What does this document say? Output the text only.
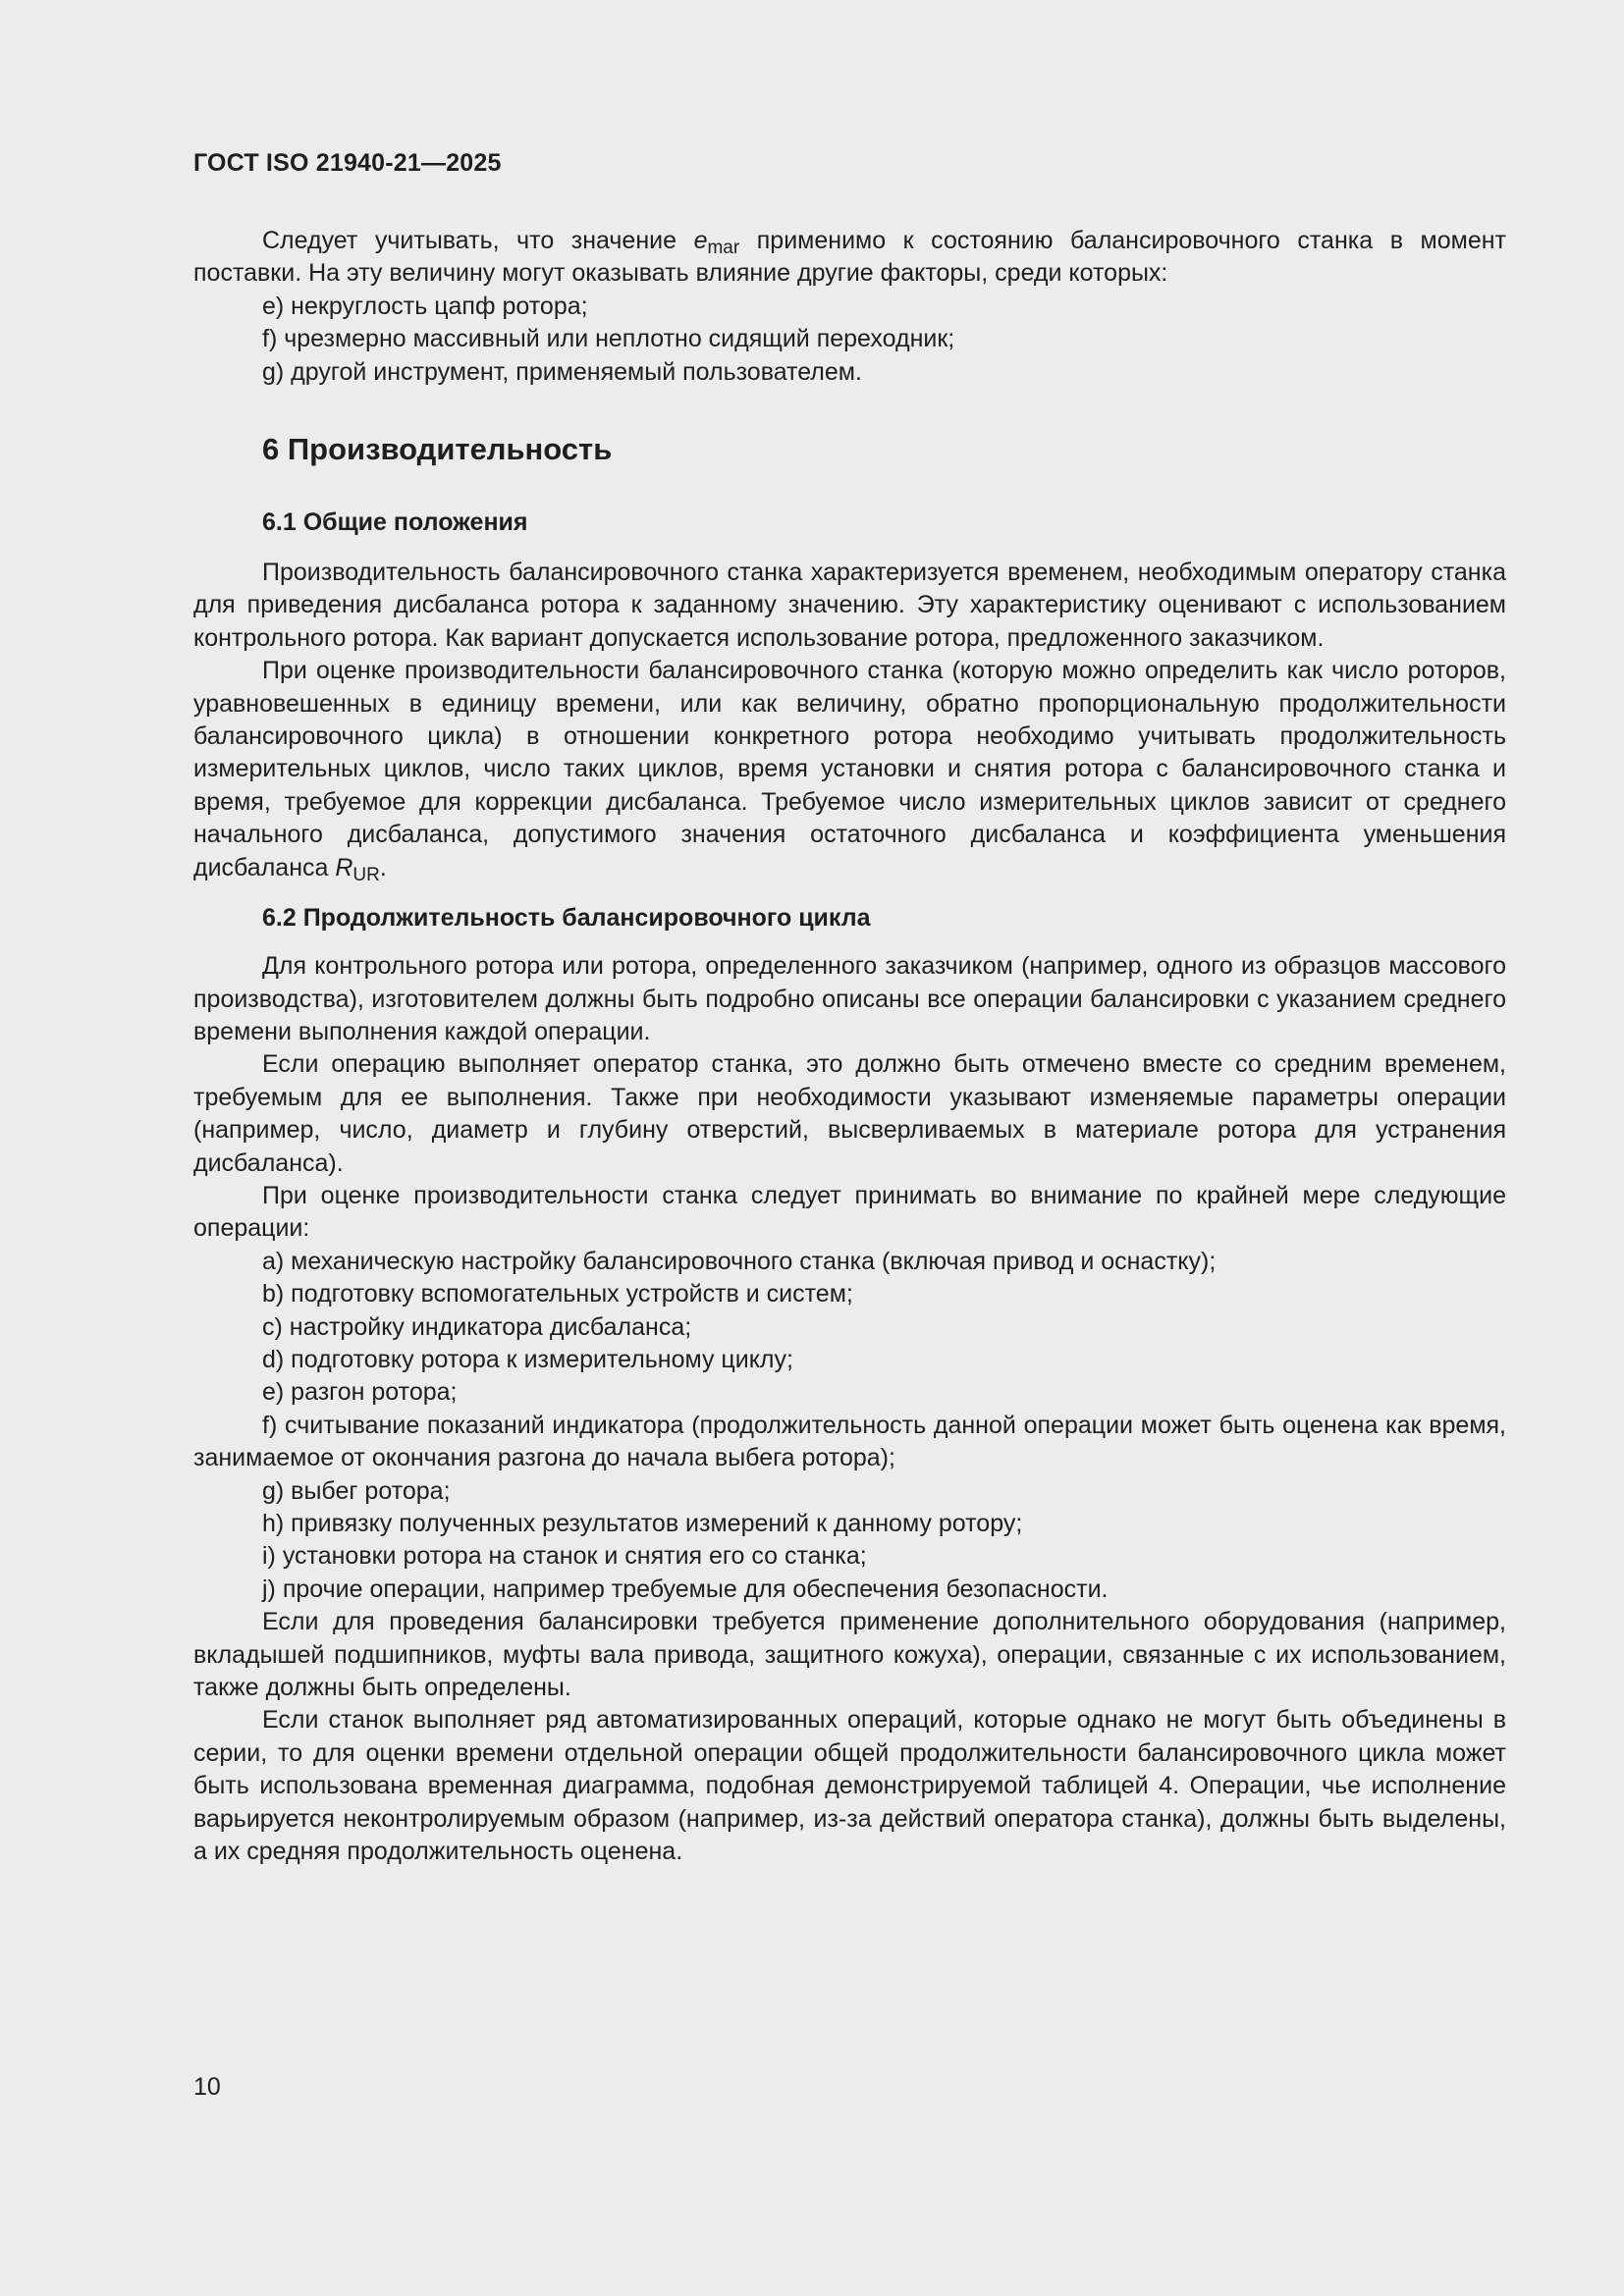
ГОСТ ISO 21940-21—2025

Следует учитывать, что значение $e_{mar}$ применимо к состоянию балансировочного станка в момент поставки. На эту величину могут оказывать влияние другие факторы, среди которых:

e) некруглость цапф ротора;

f) чрезмерно массивный или неплотно сидящий переходник;

g) другой инструмент, применяемый пользователем.

6 Производительность
6.1 Общие положения

Производительность балансировочного станка характеризуется временем, необходимым оператору станка для приведения дисбаланса ротора к заданному значению. Эту характеристику оценивают с использованием контрольного ротора. Как вариант допускается использование ротора, предложенного заказчиком.

При оценке производительности балансировочного станка (которую можно определить как число роторов, уравновешенных в единицу времени, или как величину, обратно пропорциональную продолжительности балансировочного цикла) в отношении конкретного ротора необходимо учитывать продолжительность измерительных циклов, число таких циклов, время установки и снятия ротора с балансировочного станка и время, требуемое для коррекции дисбаланса. Требуемое число измерительных циклов зависит от среднего начального дисбаланса, допустимого значения остаточного дисбаланса и коэффициента уменьшения дисбаланса $R_{UR}$.

6.2 Продолжительность балансировочного цикла

Для контрольного ротора или ротора, определенного заказчиком (например, одного из образцов массового производства), изготовителем должны быть подробно описаны все операции балансировки с указанием среднего времени выполнения каждой операции.

Если операцию выполняет оператор станка, это должно быть отмечено вместе со средним временем, требуемым для ее выполнения. Также при необходимости указывают изменяемые параметры операции (например, число, диаметр и глубину отверстий, высверливаемых в материале ротора для устранения дисбаланса).

При оценке производительности станка следует принимать во внимание по крайней мере следующие операции:

a) механическую настройку балансировочного станка (включая привод и оснастку);

b) подготовку вспомогательных устройств и систем;

c) настройку индикатора дисбаланса;

d) подготовку ротора к измерительному циклу;

e) разгон ротора;

f) считывание показаний индикатора (продолжительность данной операции может быть оценена как время, занимаемое от окончания разгона до начала выбега ротора);

g) выбег ротора;

h) привязку полученных результатов измерений к данному ротору;

i) установки ротора на станок и снятия его со станка;

j) прочие операции, например требуемые для обеспечения безопасности.

Если для проведения балансировки требуется применение дополнительного оборудования (например, вкладышей подшипников, муфты вала привода, защитного кожуха), операции, связанные с их использованием, также должны быть определены.

Если станок выполняет ряд автоматизированных операций, которые однако не могут быть объединены в серии, то для оценки времени отдельной операции общей продолжительности балансировочного цикла может быть использована временная диаграмма, подобная демонстрируемой таблицей 4. Операции, чье исполнение варьируется неконтролируемым образом (например, из-за действий оператора станка), должны быть выделены, а их средняя продолжительность оценена.

10
